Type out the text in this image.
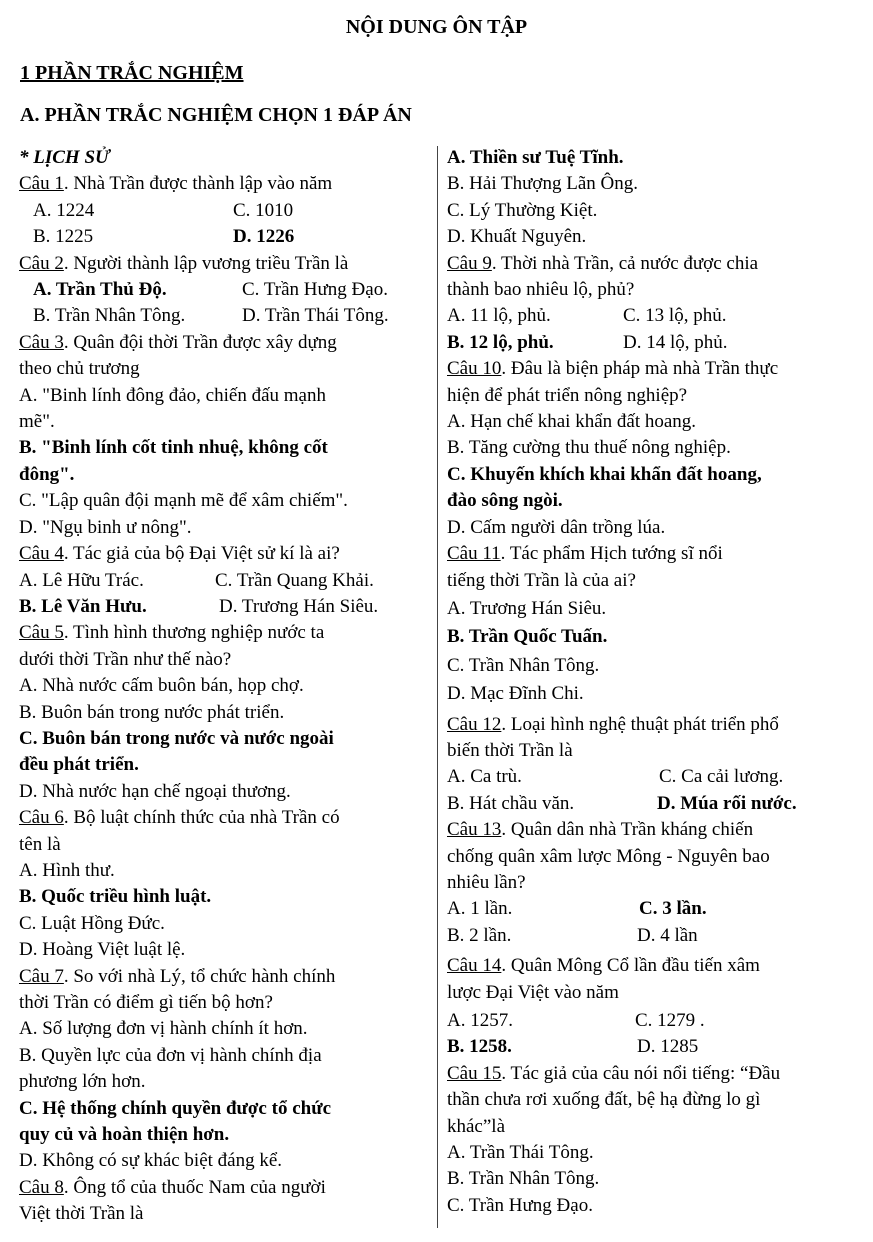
NỘI DUNG ÔN TẬP
1 PHẦN TRẮC NGHIỆM
A. PHẦN TRẮC NGHIỆM CHỌN 1 ĐÁP ÁN
* LỊCH SỬ
Câu 1. Nhà Trần được thành lập vào năm
A. 1224	C. 1010
B. 1225	D. 1226
Câu 2. Người thành lập vương triều Trần là
A. Trần Thủ Độ.	C. Trần Hưng Đạo.
B. Trần Nhân Tông.	D. Trần Thái Tông.
Câu 3. Quân đội thời Trần được xây dựng
theo chủ trương
A. "Binh lính đông đảo, chiến đấu mạnh
mẽ".
B. "Binh lính cốt tinh nhuệ, không cốt
đông".
C. "Lập quân đội mạnh mẽ để xâm chiếm".
D. "Ngụ binh ư nông".
Câu 4. Tác giả của bộ Đại Việt sử kí là ai?
A. Lê Hữu Trác.	C. Trần Quang Khải.
B. Lê Văn Hưu.	D. Trương Hán Siêu.
Câu 5. Tình hình thương nghiệp nước ta
dưới thời Trần như thế nào?
A. Nhà nước cấm buôn bán, họp chợ.
B. Buôn bán trong nước phát triển.
C. Buôn bán trong nước và nước ngoài
đều phát triển.
D. Nhà nước hạn chế ngoại thương.
Câu 6. Bộ luật chính thức của nhà Trần có
tên là
A. Hình thư.
B. Quốc triều hình luật.
C. Luật Hồng Đức.
D. Hoàng Việt luật lệ.
Câu 7. So với nhà Lý, tổ chức hành chính
thời Trần có điểm gì tiến bộ hơn?
A. Số lượng đơn vị hành chính ít hơn.
B. Quyền lực của đơn vị hành chính địa
phương lớn hơn.
C. Hệ thống chính quyền được tổ chức
quy củ và hoàn thiện hơn.
D. Không có sự khác biệt đáng kể.
Câu 8. Ông tổ của thuốc Nam của người
Việt thời Trần là
A. Thiền sư Tuệ Tĩnh.
B. Hải Thượng Lãn Ông.
C. Lý Thường Kiệt.
D. Khuất Nguyên.
Câu 9. Thời nhà Trần, cả nước được chia
thành bao nhiêu lộ, phủ?
A. 11 lộ, phủ.	C. 13 lộ, phủ.
B. 12 lộ, phủ.	D. 14 lộ, phủ.
Câu 10. Đâu là biện pháp mà nhà Trần thực
hiện để phát triển nông nghiệp?
A. Hạn chế khai khẩn đất hoang.
B. Tăng cường thu thuế nông nghiệp.
C. Khuyến khích khai khẩn đất hoang,
đào sông ngòi.
D. Cấm người dân trồng lúa.
Câu 11. Tác phẩm Hịch tướng sĩ nổi
tiếng thời Trần là của ai?
A. Trương Hán Siêu.
B. Trần Quốc Tuấn.
C. Trần Nhân Tông.
D. Mạc Đĩnh Chi.
Câu 12. Loại hình nghệ thuật phát triển phổ
biến thời Trần là
A. Ca trù.	C. Ca cải lương.
B. Hát chầu văn.	D. Múa rối nước.
Câu 13. Quân dân nhà Trần kháng chiến
chống quân xâm lược Mông - Nguyên bao
nhiêu lần?
A. 1 lần.	C. 3 lần.
B. 2 lần.	D. 4 lần
Câu 14. Quân Mông Cổ lần đầu tiến xâm
lược Đại Việt vào năm
A. 1257.	C. 1279 .
B. 1258.	D. 1285
Câu 15. Tác giả của câu nói nổi tiếng: “Đầu
thần chưa rơi xuống đất, bệ hạ đừng lo gì
khác”là
A. Trần Thái Tông.
B. Trần Nhân Tông.
C. Trần Hưng Đạo.
